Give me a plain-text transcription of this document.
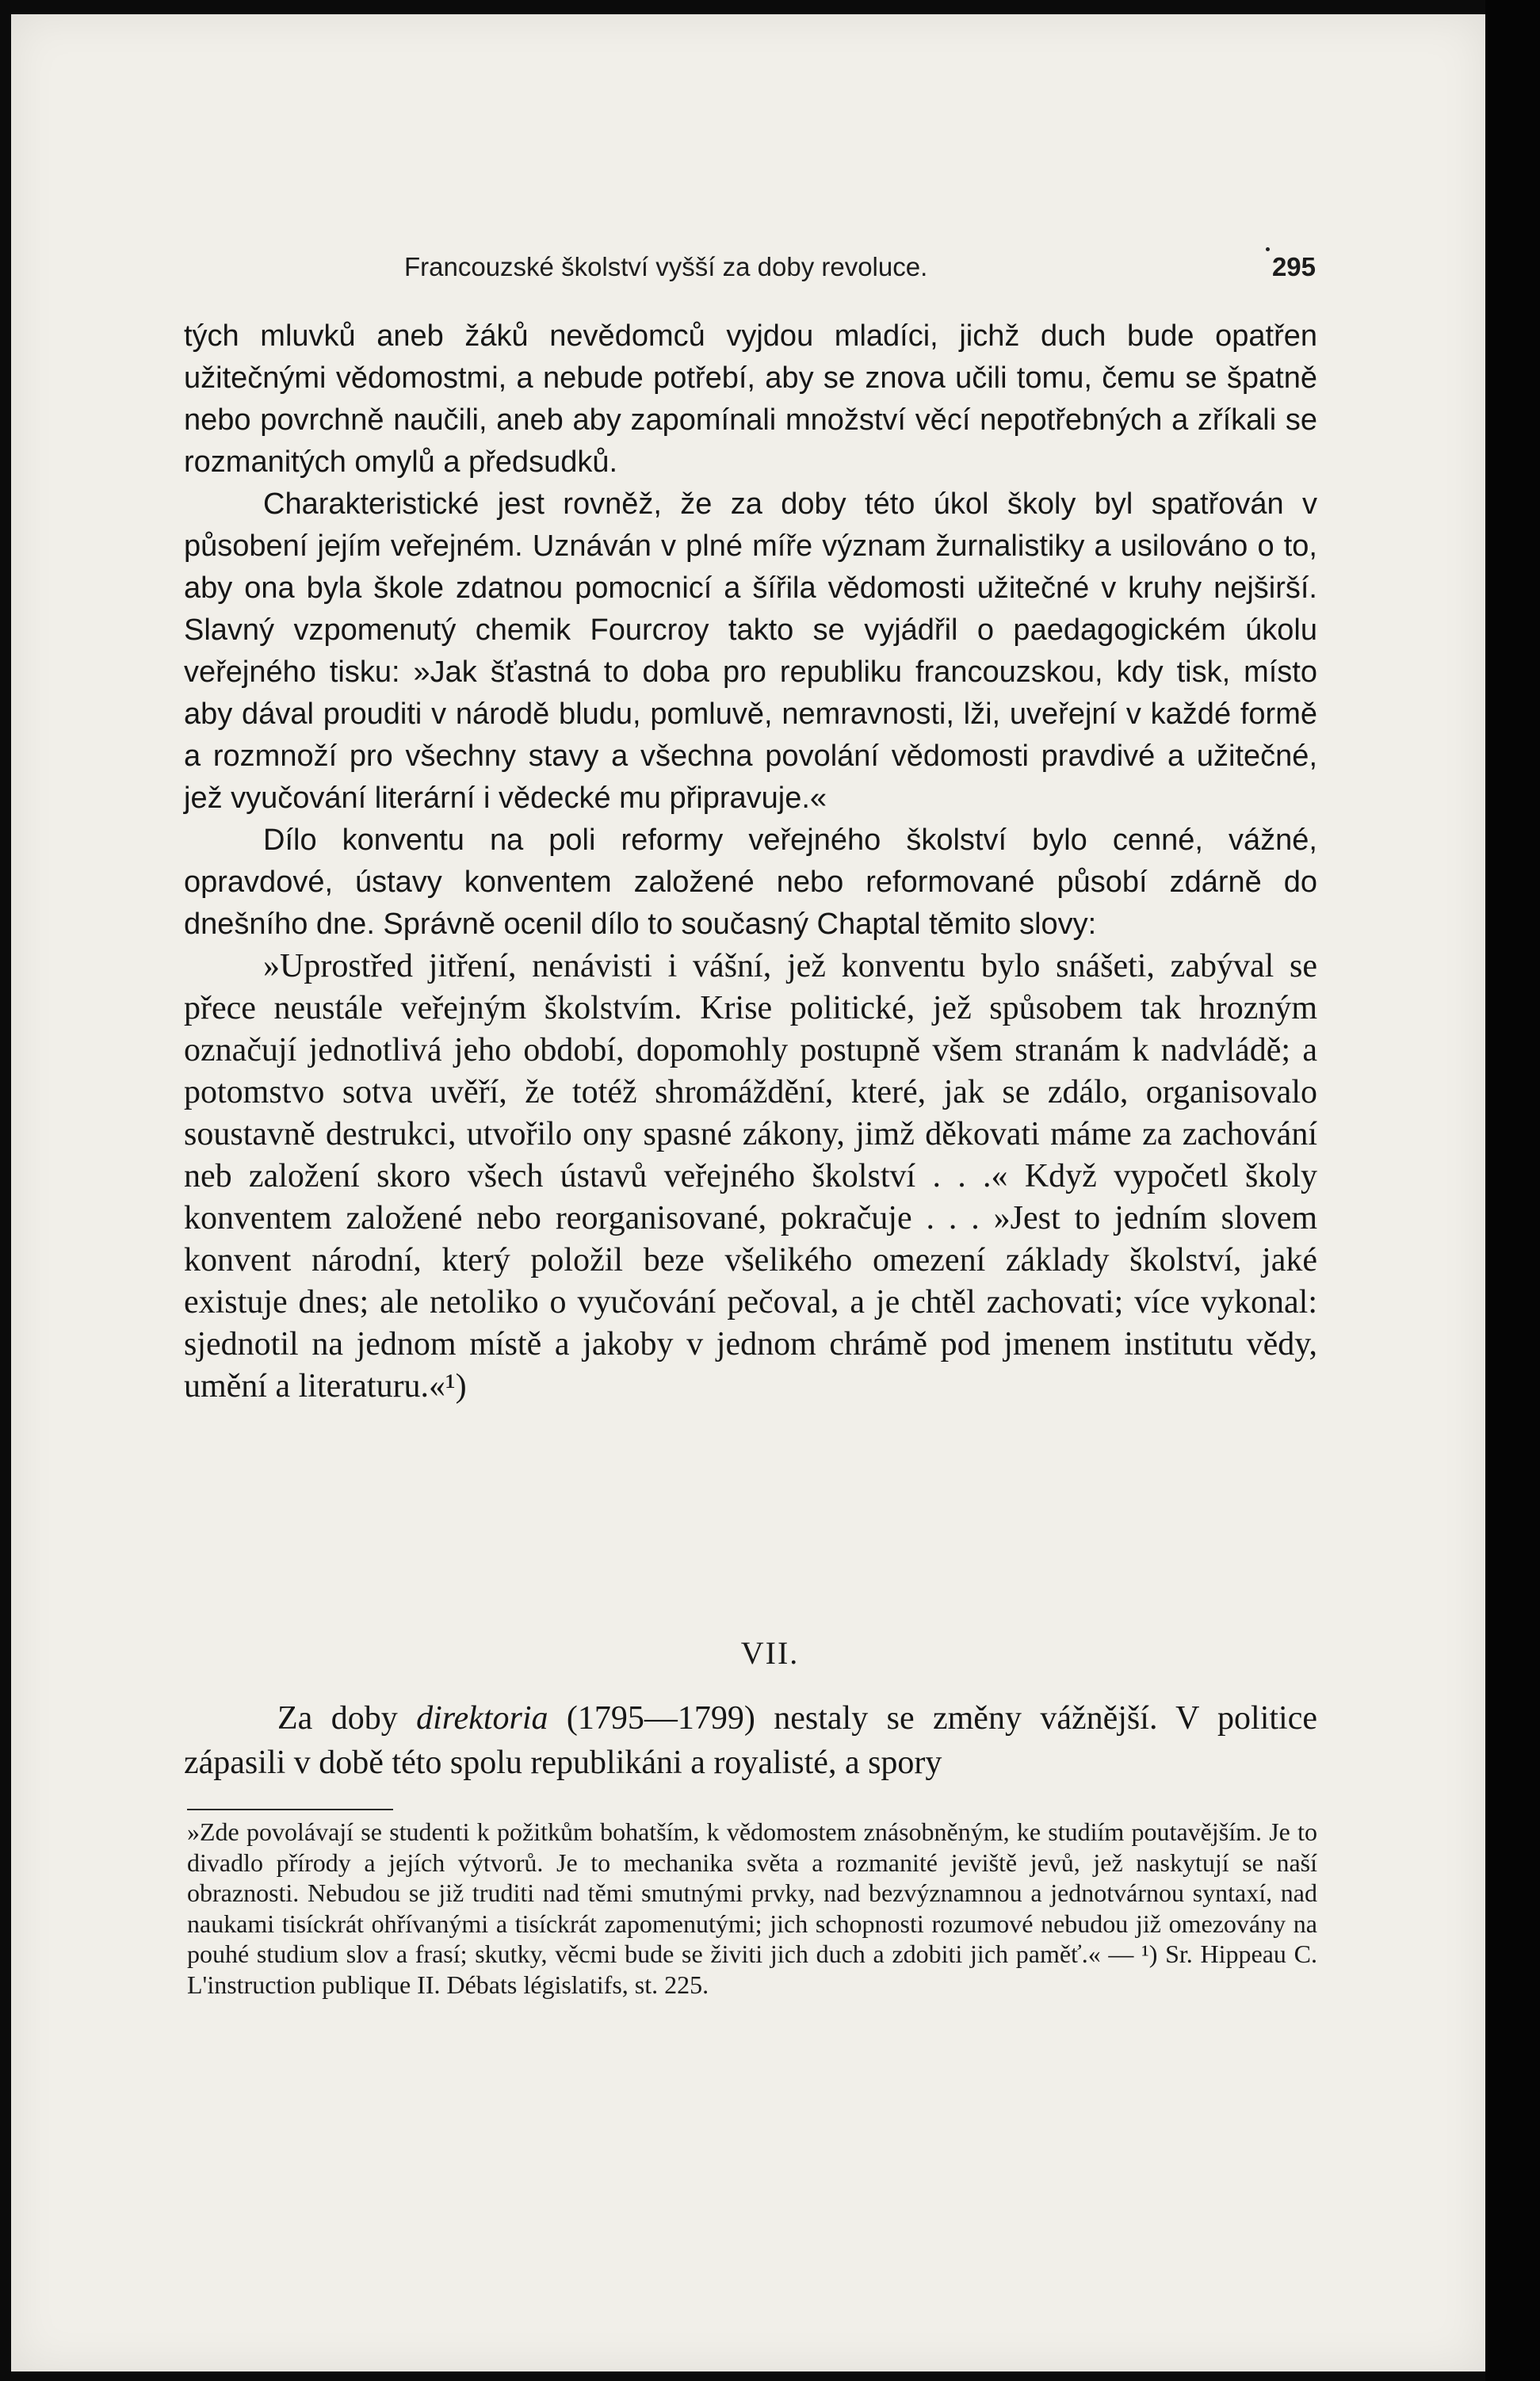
Francouzské školství vyšší za doby revoluce.	295

tých mluvků aneb žáků nevědomců vyjdou mladíci, jichž duch bude opatřen užitečnými vědomostmi, a nebude potřebí, aby se znova učili tomu, čemu se špatně nebo povrchně naučili, aneb aby zapomínali množství věcí nepotřebných a zříkali se rozmanitých omylů a předsudků.

Charakteristické jest rovněž, že za doby této úkol školy byl spatřován v působení jejím veřejném. Uznáván v plné míře význam žurnalistiky a usilováno o to, aby ona byla škole zdatnou pomocnicí a šířila vědomosti užitečné v kruhy nejširší. Slavný vzpomenutý chemik Fourcroy takto se vyjádřil o paedagogickém úkolu veřejného tisku: »Jak šťastná to doba pro republiku francouzskou, kdy tisk, místo aby dával prouditi v národě bludu, pomluvě, nemravnosti, lži, uveřejní v každé formě a rozmnoží pro všechny stavy a všechna povolání vědomosti pravdivé a užitečné, jež vyučování literární i vědecké mu připravuje.«

Dílo konventu na poli reformy veřejného školství bylo cenné, vážné, opravdové, ústavy konventem založené nebo reformované působí zdárně do dnešního dne. Správně ocenil dílo to současný Chaptal těmito slovy:

»Uprostřed jitření, nenávisti i vášní, jež konventu bylo snášeti, zabýval se přece neustále veřejným školstvím. Krise politické, jež spůsobem tak hrozným označují jednotlivá jeho období, dopomohly postupně všem stranám k nadvládě; a potomstvo sotva uvěří, že totéž shromáždění, které, jak se zdálo, organisovalo soustavně destrukci, utvořilo ony spasné zákony, jimž děkovati máme za zachování neb založení skoro všech ústavů veřejného školství . . .« Když vypočetl školy konventem založené nebo reorganisované, pokračuje . . . »Jest to jedním slovem konvent národní, který položil beze všelikého omezení základy školství, jaké existuje dnes; ale netoliko o vyučování pečoval, a je chtěl zachovati; více vykonal: sjednotil na jednom místě a jakoby v jednom chrámě pod jmenem institutu vědy, umění a literaturu.«¹)

VII.

Za doby direktoria (1795—1799) nestaly se změny vážnější. V politice zápasili v době této spolu republikáni a royalisté, a spory

»Zde povolávají se studenti k požitkům bohatším, k vědomostem znásobněným, ke studiím poutavějším. Je to divadlo přírody a jejích výtvorů. Je to mechanika světa a rozmanité jeviště jevů, jež naskytují se naší obraznosti. Nebudou se již truditi nad těmi smutnými prvky, nad bezvýznamnou a jednotvárnou syntaxí, nad naukami tisíckrát ohřívanými a tisíckrát zapomenutými; jich schopnosti rozumové nebudou již omezovány na pouhé studium slov a frasí; skutky, věcmi bude se živiti jich duch a zdobiti jich paměť.« — ¹) Sr. Hippeau C. L'instruction publique II. Débats législatifs, st. 225.
